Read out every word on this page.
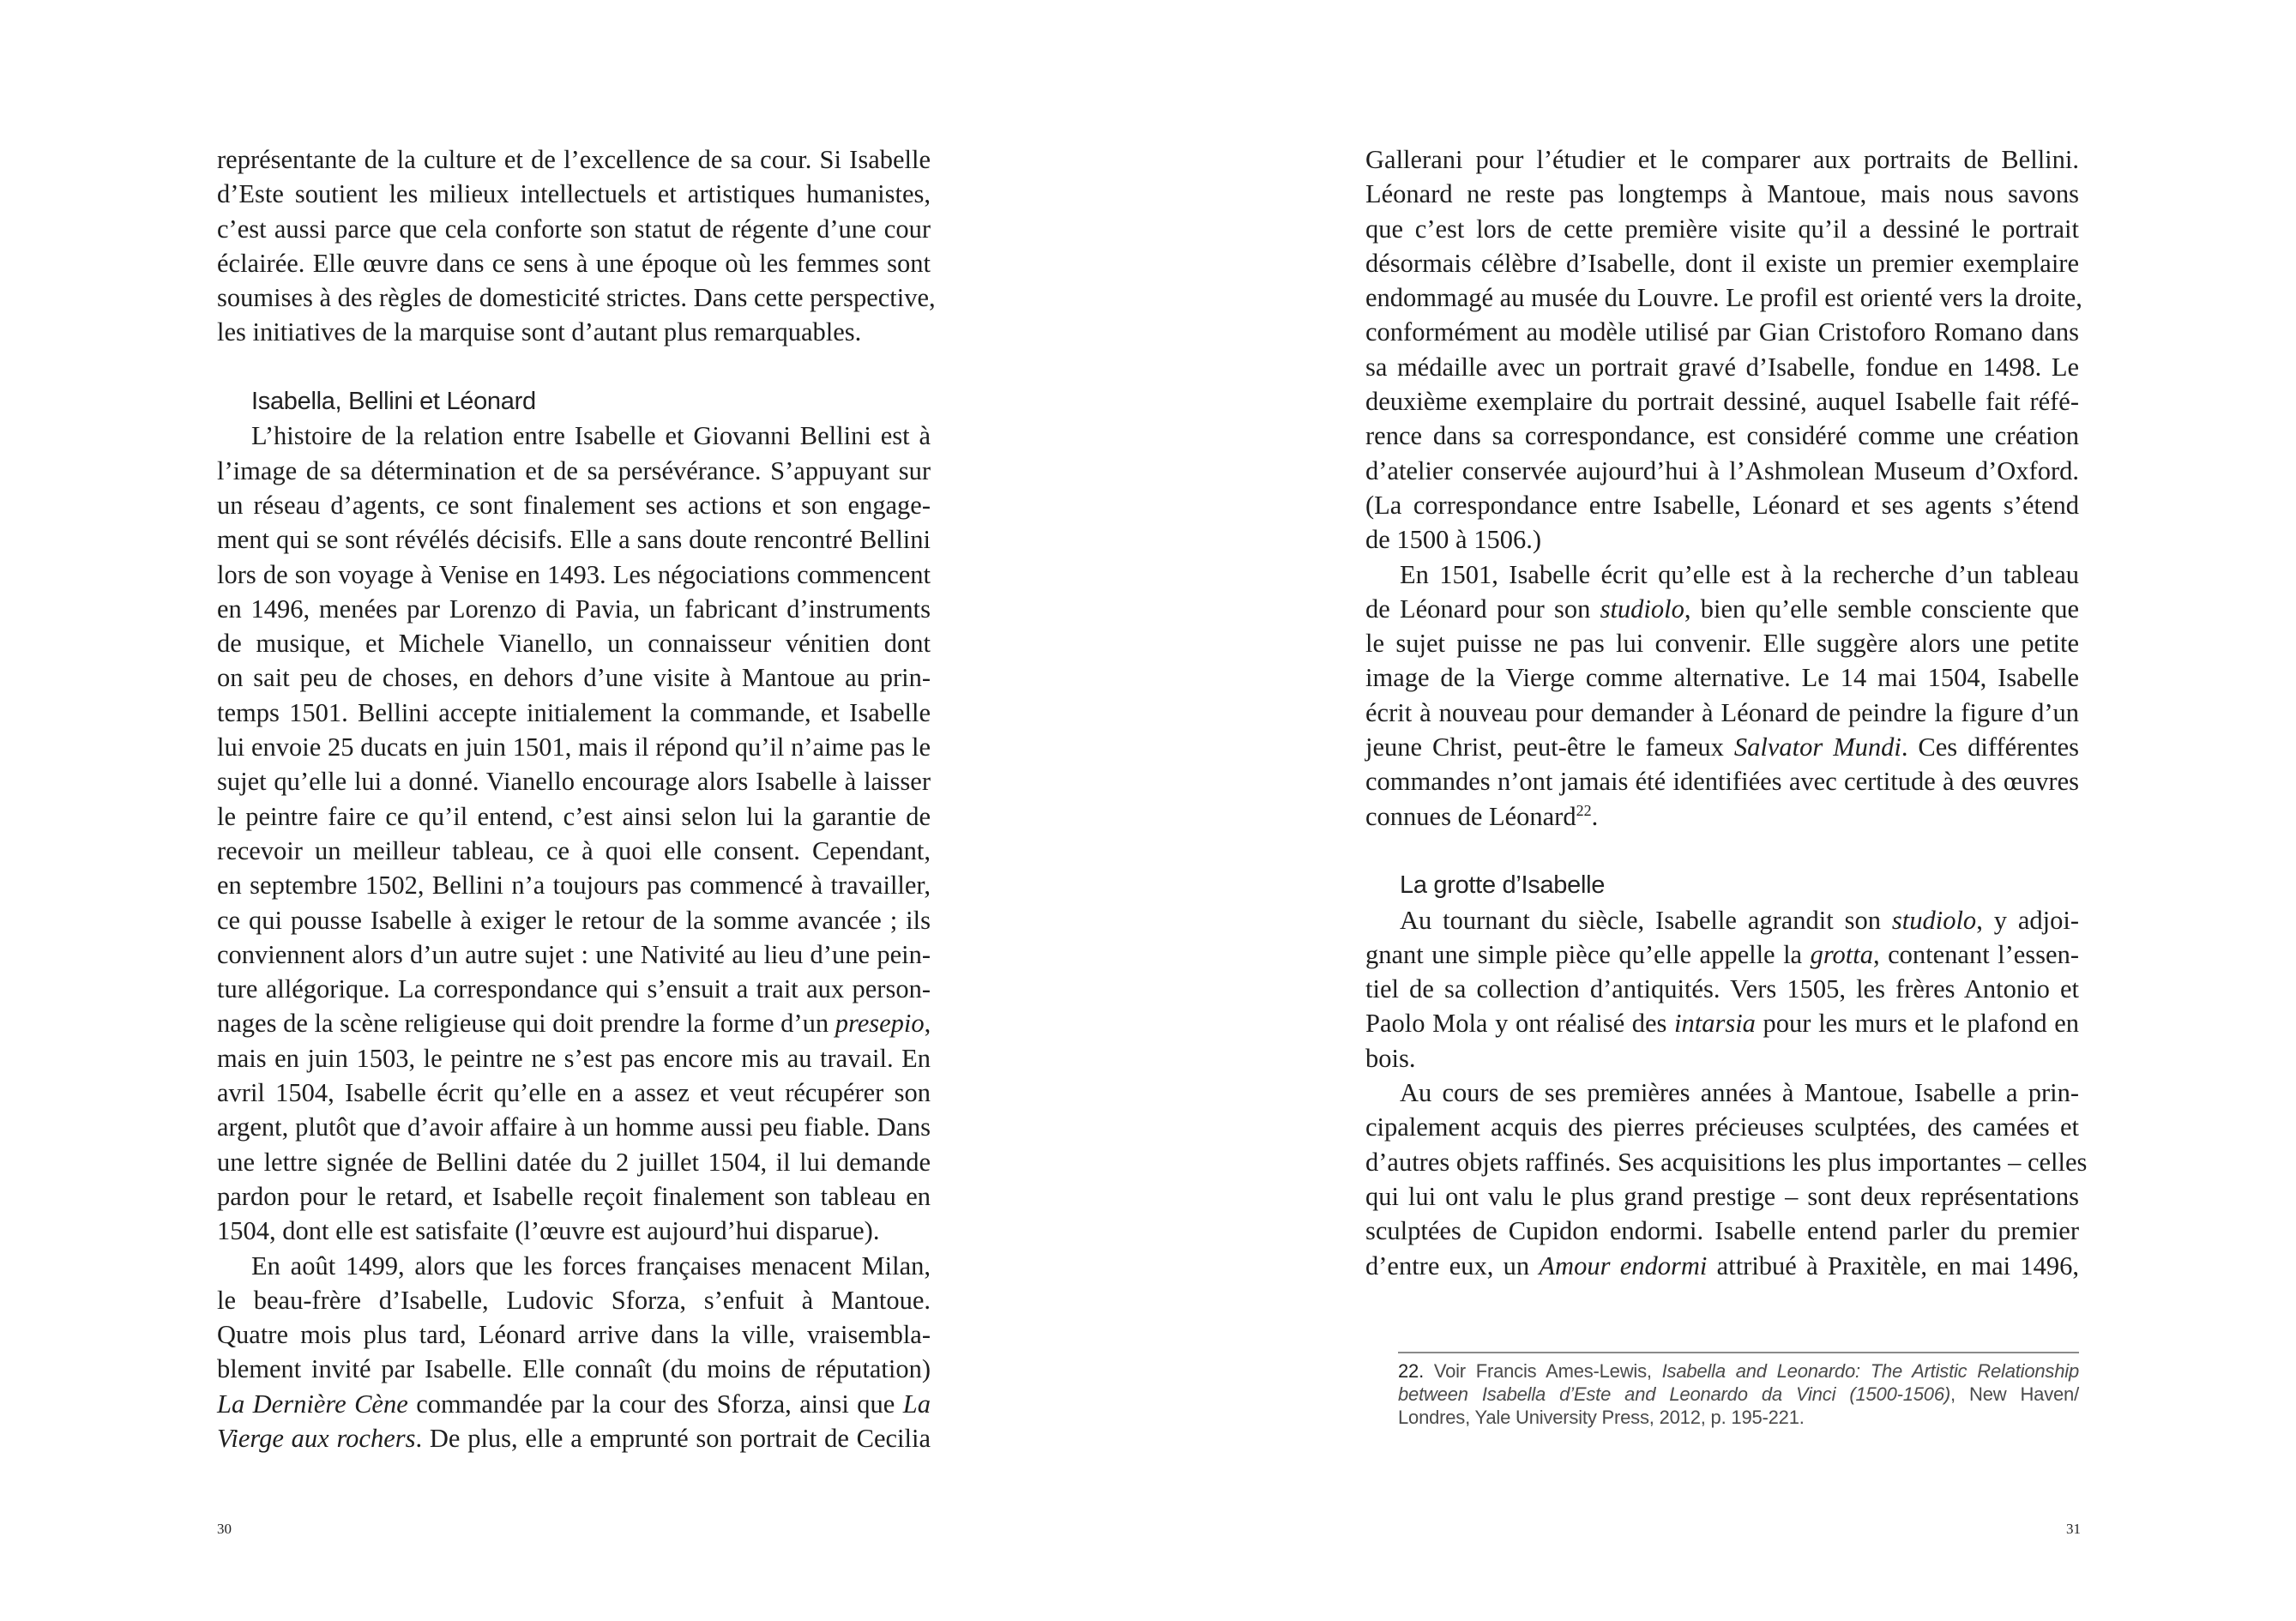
représentante de la culture et de l’excellence de sa cour. Si Isabelle
d’Este soutient les milieux intellectuels et artistiques humanistes,
c’est aussi parce que cela conforte son statut de régente d’une cour
éclairée. Elle œuvre dans ce sens à une époque où les femmes sont
soumises à des règles de domesticité strictes. Dans cette perspective,
les initiatives de la marquise sont d’autant plus remarquables.
Isabella, Bellini et Léonard
L’histoire de la relation entre Isabelle et Giovanni Bellini est à
l’image de sa détermination et de sa persévérance. S’appuyant sur
un réseau d’agents, ce sont finalement ses actions et son engage-
ment qui se sont révélés décisifs. Elle a sans doute rencontré Bellini
lors de son voyage à Venise en 1493. Les négociations commencent
en 1496, menées par Lorenzo di Pavia, un fabricant d’instruments
de musique, et Michele Vianello, un connaisseur vénitien dont
on sait peu de choses, en dehors d’une visite à Mantoue au prin-
temps 1501. Bellini accepte initialement la commande, et Isabelle
lui envoie 25 ducats en juin 1501, mais il répond qu’il n’aime pas le
sujet qu’elle lui a donné. Vianello encourage alors Isabelle à laisser
le peintre faire ce qu’il entend, c’est ainsi selon lui la garantie de
recevoir un meilleur tableau, ce à quoi elle consent. Cependant,
en septembre 1502, Bellini n’a toujours pas commencé à travailler,
ce qui pousse Isabelle à exiger le retour de la somme avancée ; ils
conviennent alors d’un autre sujet : une Nativité au lieu d’une pein-
ture allégorique. La correspondance qui s’ensuit a trait aux person-
nages de la scène religieuse qui doit prendre la forme d’un presepio,
mais en juin 1503, le peintre ne s’est pas encore mis au travail. En
avril 1504, Isabelle écrit qu’elle en a assez et veut récupérer son
argent, plutôt que d’avoir affaire à un homme aussi peu fiable. Dans
une lettre signée de Bellini datée du 2 juillet 1504, il lui demande
pardon pour le retard, et Isabelle reçoit finalement son tableau en
1504, dont elle est satisfaite (l’œuvre est aujourd’hui disparue).
En août 1499, alors que les forces françaises menacent Milan,
le beau-frère d’Isabelle, Ludovic Sforza, s’enfuit à Mantoue.
Quatre mois plus tard, Léonard arrive dans la ville, vraisembla-
blement invité par Isabelle. Elle connaît (du moins de réputation)
La Dernière Cène commandée par la cour des Sforza, ainsi que La
Vierge aux rochers. De plus, elle a emprunté son portrait de Cecilia
30
Gallerani pour l’étudier et le comparer aux portraits de Bellini.
Léonard ne reste pas longtemps à Mantoue, mais nous savons
que c’est lors de cette première visite qu’il a dessiné le portrait
désormais célèbre d’Isabelle, dont il existe un premier exemplaire
endommagé au musée du Louvre. Le profil est orienté vers la droite,
conformément au modèle utilisé par Gian Cristoforo Romano dans
sa médaille avec un portrait gravé d’Isabelle, fondue en 1498. Le
deuxième exemplaire du portrait dessiné, auquel Isabelle fait réfé-
rence dans sa correspondance, est considéré comme une création
d’atelier conservée aujourd’hui à l’Ashmolean Museum d’Oxford.
(La correspondance entre Isabelle, Léonard et ses agents s’étend
de 1500 à 1506.)
En 1501, Isabelle écrit qu’elle est à la recherche d’un tableau
de Léonard pour son studiolo, bien qu’elle semble consciente que
le sujet puisse ne pas lui convenir. Elle suggère alors une petite
image de la Vierge comme alternative. Le 14 mai 1504, Isabelle
écrit à nouveau pour demander à Léonard de peindre la figure d’un
jeune Christ, peut-être le fameux Salvator Mundi. Ces différentes
commandes n’ont jamais été identifiées avec certitude à des œuvres
connues de Léonard$^{22}$.
La grotte d’Isabelle
Au tournant du siècle, Isabelle agrandit son studiolo, y adjoi-
gnant une simple pièce qu’elle appelle la grotta, contenant l’essen-
tiel de sa collection d’antiquités. Vers 1505, les frères Antonio et
Paolo Mola y ont réalisé des intarsia pour les murs et le plafond en
bois.
Au cours de ses premières années à Mantoue, Isabelle a prin-
cipalement acquis des pierres précieuses sculptées, des camées et
d’autres objets raffinés. Ses acquisitions les plus importantes – celles
qui lui ont valu le plus grand prestige – sont deux représentations
sculptées de Cupidon endormi. Isabelle entend parler du premier
d’entre eux, un Amour endormi attribué à Praxitèle, en mai 1496,
31
22. Voir Francis Ames-Lewis, Isabella and Leonardo: The Artistic Relationship
between Isabella d’Este and Leonardo da Vinci (1500-1506), New Haven/
Londres, Yale University Press, 2012, p. 195-221.
